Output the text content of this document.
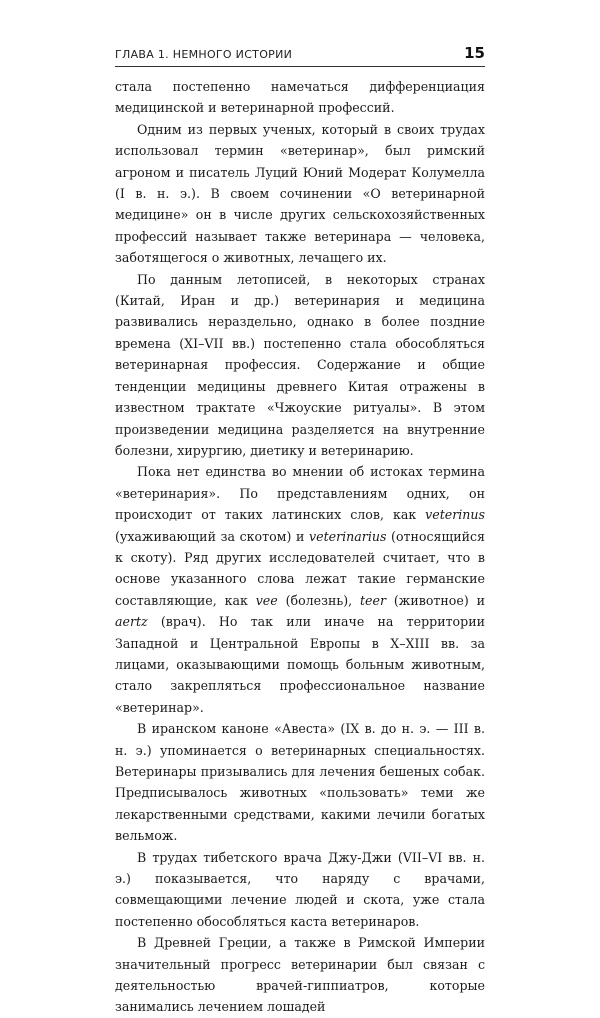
ГЛАВА 1. НЕМНОГО ИСТОРИИ	15

стала постепенно намечаться дифференциация медицинской и ветеринарной профессий.

Одним из первых ученых, который в своих трудах использовал термин «ветеринар», был римский агроном и писатель Луций Юний Модерат Колумелла (I в. н. э.). В своем сочинении «О ветеринарной медицине» он в числе других сельскохозяйственных профессий называет также ветеринара — человека, заботящегося о животных, лечащего их.

По данным летописей, в некоторых странах (Китай, Иран и др.) ветеринария и медицина развивались нераздельно, однако в более поздние времена (XI–VII вв.) постепенно стала обособляться ветеринарная профессия. Содержание и общие тенденции медицины древнего Китая отражены в известном трактате «Чжоуские ритуалы». В этом произведении медицина разделяется на внутренние болезни, хирургию, диетику и ветеринарию.

Пока нет единства во мнении об истоках термина «ветеринария». По представлениям одних, он происходит от таких латинских слов, как veterinus (ухаживающий за скотом) и veterinarius (относящийся к скоту). Ряд других исследователей считает, что в основе указанного слова лежат такие германские составляющие, как vee (болезнь), teer (животное) и aertz (врач). Но так или иначе на территории Западной и Центральной Европы в X–XIII вв. за лицами, оказывающими помощь больным животным, стало закрепляться профессиональное название «ветеринар».

В иранском каноне «Авеста» (IX в. до н. э. — III в. н. э.) упоминается о ветеринарных специальностях. Ветеринары призывались для лечения бешеных собак. Предписывалось животных «пользовать» теми же лекарственными средствами, какими лечили богатых вельмож.

В трудах тибетского врача Джу-Джи (VII–VI вв. н. э.) показывается, что наряду с врачами, совмещающими лечение людей и скота, уже стала постепенно обособляться каста ветеринаров.

В Древней Греции, а также в Римской Империи значительный прогресс ветеринарии был связан с деятельностью врачей-гиппиатров, которые занимались лечением лошадей
